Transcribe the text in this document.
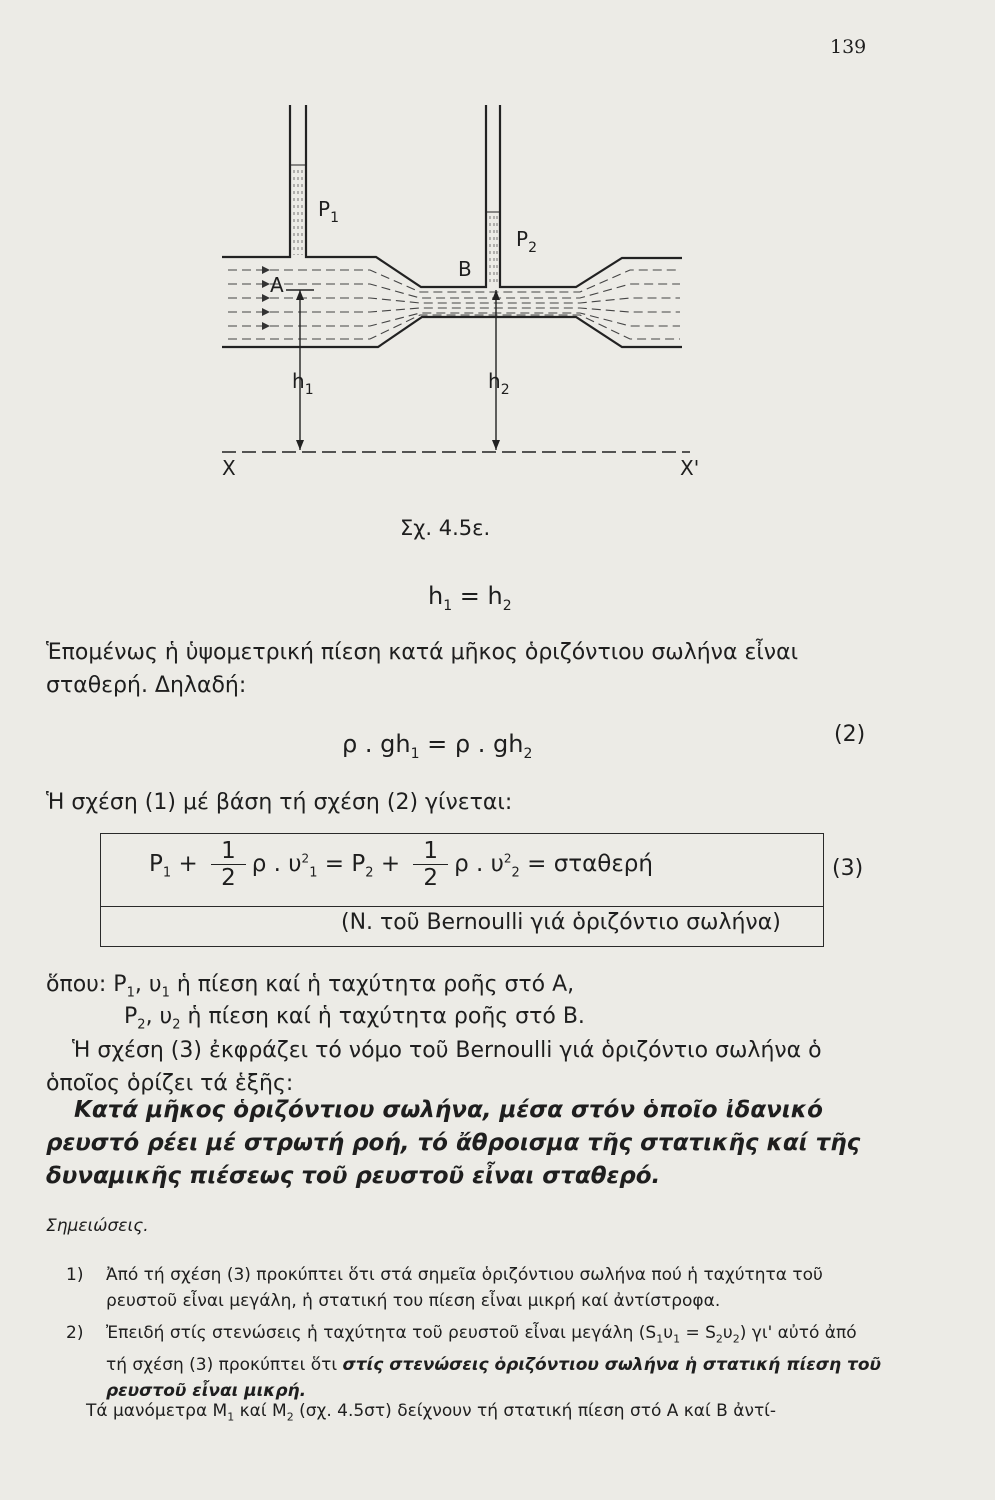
139
$P_1$
$P_2$
A
B
$h_1$	$h_2$
X	X'
Σχ. 4.5ε.
$h_1 = h_2$
Ἑπομένως ἡ ὑψομετρική πίεση κατά μῆκος ὁριζόντιου σωλήνα εἶναι σταθερή. Δηλαδή:
ρ . $gh_1 = \rho$ . $gh_2$
(2)
Ἡ σχέση (1) μέ βάση τή σχέση (2) γίνεται:
$P_1 + \frac{1}{2}$ ρ . $\upsilon^2_1 = P_2 + \frac{1}{2}$ ρ . $\upsilon^2_2 = \sigma\tau\alpha\theta\varepsilon\rho ή$
(Ν. τοῦ Bernoulli γιά ὁριζόντιο σωλήνα)
(3)
ὅπου: $P_1$, $\upsilon_1$ ἡ πίεση καί ἡ ταχύτητα ροῆς στό Α,
$P_2$, $\upsilon_2$ ἡ πίεση καί ἡ ταχύτητα ροῆς στό Β.
Ἡ σχέση (3) ἐκφράζει τό νόμο τοῦ Bernoulli γιά ὁριζόντιο σωλήνα ὁ ὁποῖος ὁρίζει τά ἑξῆς:
Κατά μῆκος ὁριζόντιου σωλήνα, μέσα στόν ὁποῖο ἰδανικό ρευστό ρέει μέ στρωτή ροή, τό ἄθροισμα τῆς στατικῆς καί τῆς δυναμικῆς πιέσεως τοῦ ρευστοῦ εἶναι σταθερό.
Σημειώσεις.
1) Ἀπό τή σχέση (3) προκύπτει ὅτι στά σημεῖα ὁριζόντιου σωλήνα πού ἡ ταχύτητα τοῦ ρευστοῦ εἶναι μεγάλη, ἡ στατική του πίεση εἶναι μικρή καί ἀντίστροφα.
2) Ἐπειδή στίς στενώσεις ἡ ταχύτητα τοῦ ρευστοῦ εἶναι μεγάλη $(S_1\upsilon_1 = S_2\upsilon_2)$ γι' αὐτό ἀπό τή σχέση (3) προκύπτει ὅτι στίς στενώσεις ὁριζόντιου σωλήνα ἡ στατική πίεση τοῦ ρευστοῦ εἶναι μικρή.
Τά μανόμετρα $M_1$ καί $M_2$ (σχ. 4.5στ) δείχνουν τή στατική πίεση στό Α καί Β ἀντί-
